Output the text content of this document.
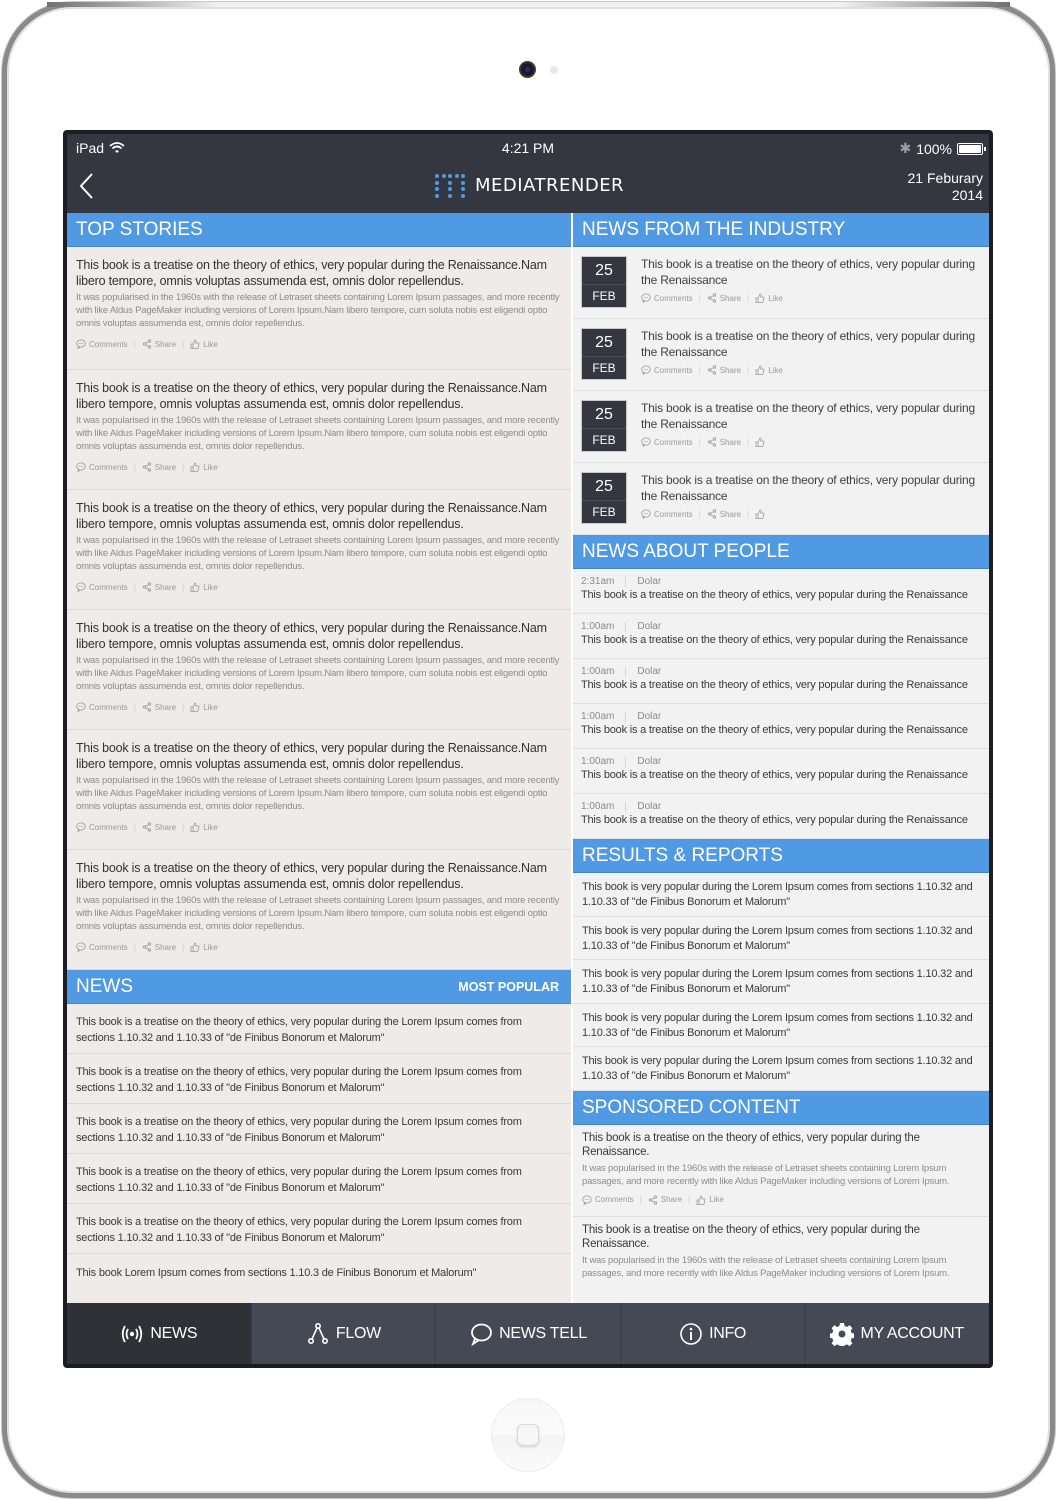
iPad	4:21 PM	✱ 100%
MEDIATRENDER	21 Feburary
2014
TOP STORIES
This book is a treatise on the theory of ethics, very popular during the Renaissance.Nam libero tempore, omnis voluptas assumenda est, omnis dolor repellendus.
It was popularised in the 1960s with the release of Letraset sheets containing Lorem Ipsum passages, and more recently with like Aldus PageMaker including versions of Lorem Ipsum.Nam libero tempore, cum soluta nobis est eligendi optio omnis voluptas assumenda est, omnis dolor repellendus.
Comments | Share | Like
This book is a treatise on the theory of ethics, very popular during the Renaissance.Nam libero tempore, omnis voluptas assumenda est, omnis dolor repellendus.
It was popularised in the 1960s with the release of Letraset sheets containing Lorem Ipsum passages, and more recently with like Aldus PageMaker including versions of Lorem Ipsum.Nam libero tempore, cum soluta nobis est eligendi optio omnis voluptas assumenda est, omnis dolor repellendus.
Comments | Share | Like
This book is a treatise on the theory of ethics, very popular during the Renaissance.Nam libero tempore, omnis voluptas assumenda est, omnis dolor repellendus.
It was popularised in the 1960s with the release of Letraset sheets containing Lorem Ipsum passages, and more recently with like Aldus PageMaker including versions of Lorem Ipsum.Nam libero tempore, cum soluta nobis est eligendi optio omnis voluptas assumenda est, omnis dolor repellendus.
Comments | Share | Like
This book is a treatise on the theory of ethics, very popular during the Renaissance.Nam libero tempore, omnis voluptas assumenda est, omnis dolor repellendus.
It was popularised in the 1960s with the release of Letraset sheets containing Lorem Ipsum passages, and more recently with like Aldus PageMaker including versions of Lorem Ipsum.Nam libero tempore, cum soluta nobis est eligendi optio omnis voluptas assumenda est, omnis dolor repellendus.
Comments | Share | Like
This book is a treatise on the theory of ethics, very popular during the Renaissance.Nam libero tempore, omnis voluptas assumenda est, omnis dolor repellendus.
It was popularised in the 1960s with the release of Letraset sheets containing Lorem Ipsum passages, and more recently with like Aldus PageMaker including versions of Lorem Ipsum.Nam libero tempore, cum soluta nobis est eligendi optio omnis voluptas assumenda est, omnis dolor repellendus.
Comments | Share | Like
This book is a treatise on the theory of ethics, very popular during the Renaissance.Nam libero tempore, omnis voluptas assumenda est, omnis dolor repellendus.
It was popularised in the 1960s with the release of Letraset sheets containing Lorem Ipsum passages, and more recently with like Aldus PageMaker including versions of Lorem Ipsum.Nam libero tempore, cum soluta nobis est eligendi optio omnis voluptas assumenda est, omnis dolor repellendus.
Comments | Share | Like
NEWS	MOST POPULAR
This book is a treatise on the theory of ethics, very popular during the Lorem Ipsum comes from sections 1.10.32 and 1.10.33 of "de Finibus Bonorum et Malorum"
This book is a treatise on the theory of ethics, very popular during the Lorem Ipsum comes from sections 1.10.32 and 1.10.33 of "de Finibus Bonorum et Malorum"
This book is a treatise on the theory of ethics, very popular during the Lorem Ipsum comes from sections 1.10.32 and 1.10.33 of "de Finibus Bonorum et Malorum"
This book is a treatise on the theory of ethics, very popular during the Lorem Ipsum comes from sections 1.10.32 and 1.10.33 of "de Finibus Bonorum et Malorum"
This book is a treatise on the theory of ethics, very popular during the Lorem Ipsum comes from sections 1.10.32 and 1.10.33 of "de Finibus Bonorum et Malorum"
This book Lorem Ipsum comes from sections 1.10.3 de Finibus Bonorum et Malorum"
NEWS FROM THE INDUSTRY
25
FEB
This book is a treatise on the theory of ethics, very popular during the Renaissance
Comments | Share | Like
25
FEB
This book is a treatise on the theory of ethics, very popular during the Renaissance
Comments | Share | Like
25
FEB
This book is a treatise on the theory of ethics, very popular during the Renaissance
Comments | Share |
25
FEB
This book is a treatise on the theory of ethics, very popular during the Renaissance
Comments | Share |
NEWS ABOUT PEOPLE
2:31am Dolar
This book is a treatise on the theory of ethics, very popular during the Renaissance
1:00am Dolar
This book is a treatise on the theory of ethics, very popular during the Renaissance
1:00am Dolar
This book is a treatise on the theory of ethics, very popular during the Renaissance
1:00am Dolar
This book is a treatise on the theory of ethics, very popular during the Renaissance
1:00am Dolar
This book is a treatise on the theory of ethics, very popular during the Renaissance
1:00am Dolar
This book is a treatise on the theory of ethics, very popular during the Renaissance
RESULTS & REPORTS
This book is very popular during the Lorem Ipsum comes from sections 1.10.32 and 1.10.33 of "de Finibus Bonorum et Malorum"
This book is very popular during the Lorem Ipsum comes from sections 1.10.32 and 1.10.33 of "de Finibus Bonorum et Malorum"
This book is very popular during the Lorem Ipsum comes from sections 1.10.32 and 1.10.33 of "de Finibus Bonorum et Malorum"
This book is very popular during the Lorem Ipsum comes from sections 1.10.32 and 1.10.33 of "de Finibus Bonorum et Malorum"
This book is very popular during the Lorem Ipsum comes from sections 1.10.32 and 1.10.33 of "de Finibus Bonorum et Malorum"
SPONSORED CONTENT
This book is a treatise on the theory of ethics, very popular during the Renaissance.
It was popularised in the 1960s with the release of Letraset sheets containing Lorem Ipsum passages, and more recently with like Aldus PageMaker including versions of Lorem Ipsum.
Comments | Share | Like
This book is a treatise on the theory of ethics, very popular during the Renaissance.
It was popularised in the 1960s with the release of Letraset sheets containing Lorem Ipsum passages, and more recently with like Aldus PageMaker including versions of Lorem Ipsum.
NEWS	FLOW	NEWS TELL	INFO	MY ACCOUNT
